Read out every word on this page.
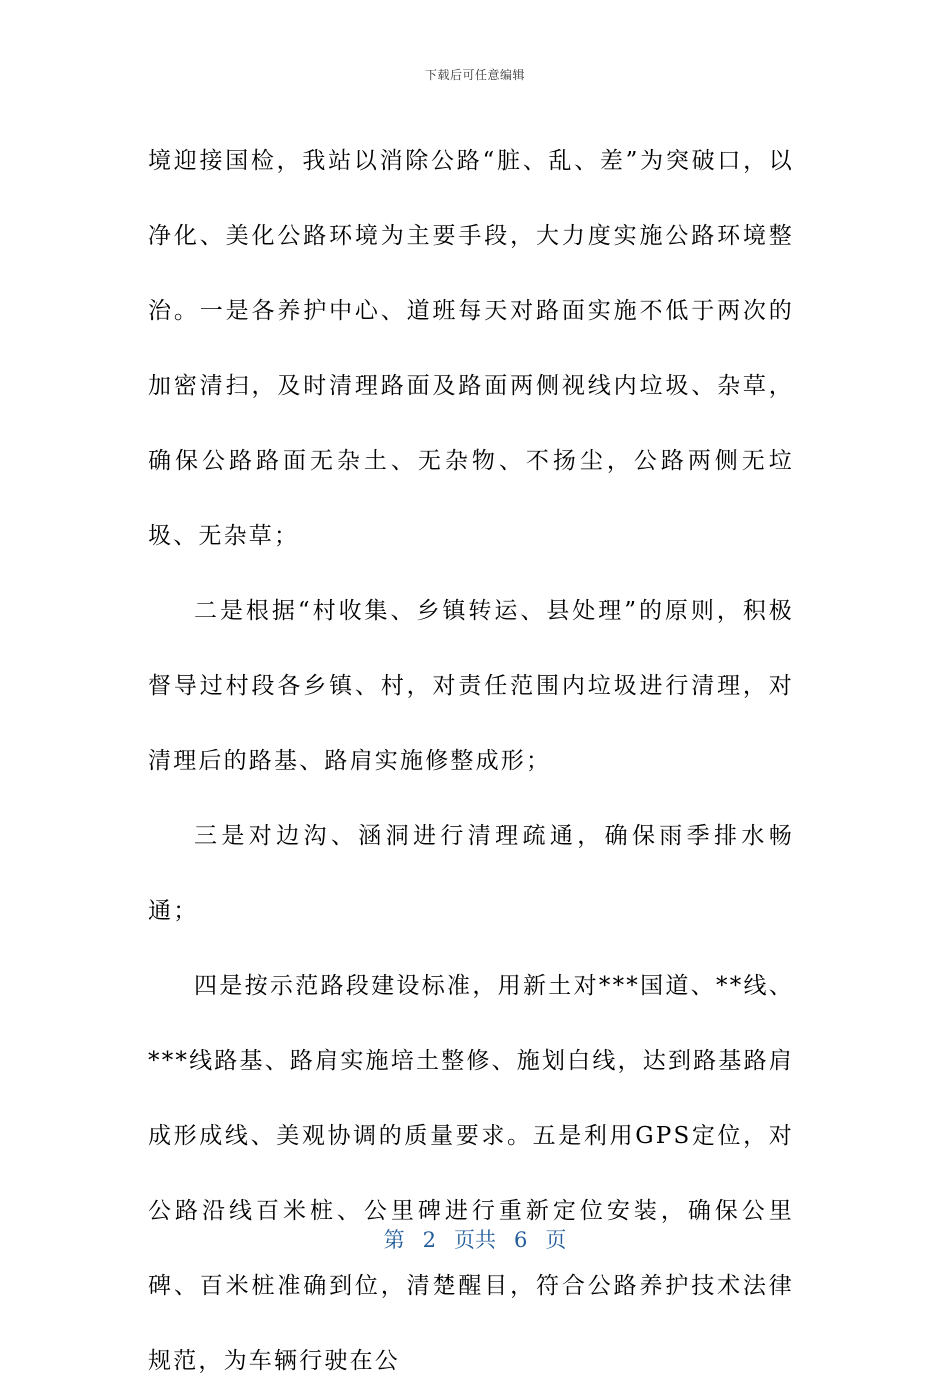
下载后可任意编辑

境迎接国检，我站以消除公路“脏、乱、差”为突破口，以净化、美化公路环境为主要手段，大力度实施公路环境整治。一是各养护中心、道班每天对路面实施不低于两次的加密清扫，及时清理路面及路面两侧视线内垃圾、杂草，确保公路路面无杂土、无杂物、不扬尘，公路两侧无垃圾、无杂草；

二是根据“村收集、乡镇转运、县处理”的原则，积极督导过村段各乡镇、村，对责任范围内垃圾进行清理，对清理后的路基、路肩实施修整成形；

三是对边沟、涵洞进行清理疏通，确保雨季排水畅通；

四是按示范路段建设标准，用新土对***国道、**线、***线路基、路肩实施培土整修、施划白线，达到路基路肩成形成线、美观协调的质量要求。五是利用GPS定位，对公路沿线百米桩、公里碑进行重新定位安装，确保公里碑、百米桩准确到位，清楚醒目，符合公路养护技术法律规范，为车辆行驶在公

第 2 页共 6 页
